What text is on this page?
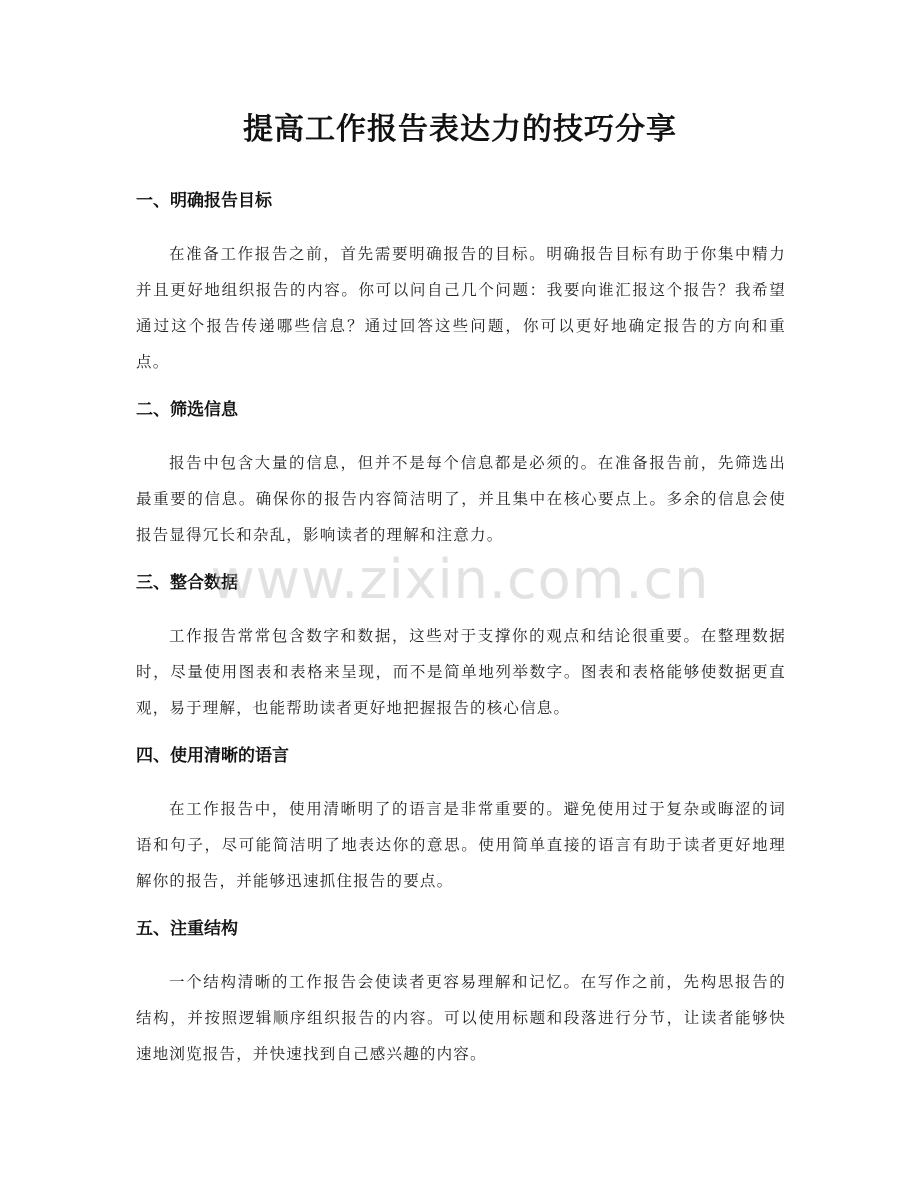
提高工作报告表达力的技巧分享
一、明确报告目标

在准备工作报告之前，首先需要明确报告的目标。明确报告目标有助于你集中精力并且更好地组织报告的内容。你可以问自己几个问题：我要向谁汇报这个报告？我希望通过这个报告传递哪些信息？通过回答这些问题，你可以更好地确定报告的方向和重点。

二、筛选信息

报告中包含大量的信息，但并不是每个信息都是必须的。在准备报告前，先筛选出最重要的信息。确保你的报告内容简洁明了，并且集中在核心要点上。多余的信息会使报告显得冗长和杂乱，影响读者的理解和注意力。

三、整合数据

工作报告常常包含数字和数据，这些对于支撑你的观点和结论很重要。在整理数据时，尽量使用图表和表格来呈现，而不是简单地列举数字。图表和表格能够使数据更直观，易于理解，也能帮助读者更好地把握报告的核心信息。

四、使用清晰的语言

在工作报告中，使用清晰明了的语言是非常重要的。避免使用过于复杂或晦涩的词语和句子，尽可能简洁明了地表达你的意思。使用简单直接的语言有助于读者更好地理解你的报告，并能够迅速抓住报告的要点。

五、注重结构

一个结构清晰的工作报告会使读者更容易理解和记忆。在写作之前，先构思报告的结构，并按照逻辑顺序组织报告的内容。可以使用标题和段落进行分节，让读者能够快速地浏览报告，并快速找到自己感兴趣的内容。

www.zixin.com.cn
